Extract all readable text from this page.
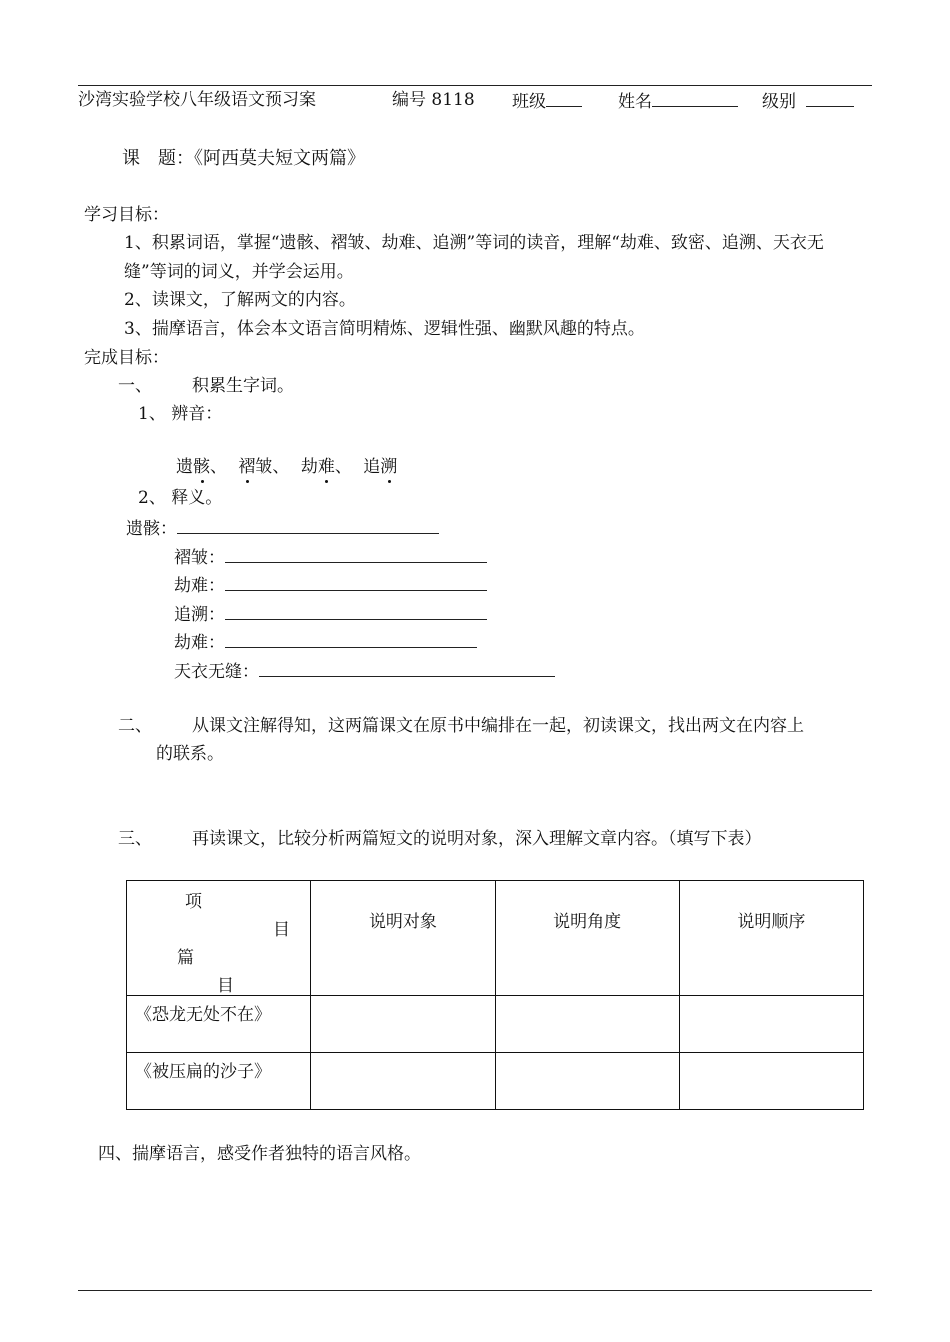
沙湾实验学校八年级语文预习案	编号 8118 班级	姓名	级别
课　题：《阿西莫夫短文两篇》
学习目标：
1、积累词语，掌握“遗骸、褶皱、劫难、追溯”等词的读音，理解“劫难、致密、追溯、天衣无
缝”等词的词义，并学会运用。
2、读课文，了解两文的内容。
3、揣摩语言，体会本文语言简明精炼、逻辑性强、幽默风趣的特点。
完成目标：
一、 积累生字词。
1、 辨音：
遗骸、 褶皱、 劫难、 追溯
2、 释义。
遗骸：
褶皱：
劫难：
追溯：
劫难：
天衣无缝：
二、 从课文注解得知，这两篇课文在原书中编排在一起，初读课文，找出两文在内容上
的联系。
三、 再读课文，比较分析两篇短文的说明对象，深入理解文章内容。（填写下表）
项
目
篇
目	说明对象	说明角度	说明顺序
《恐龙无处不在》			
《被压扁的沙子》			
四、揣摩语言，感受作者独特的语言风格。
